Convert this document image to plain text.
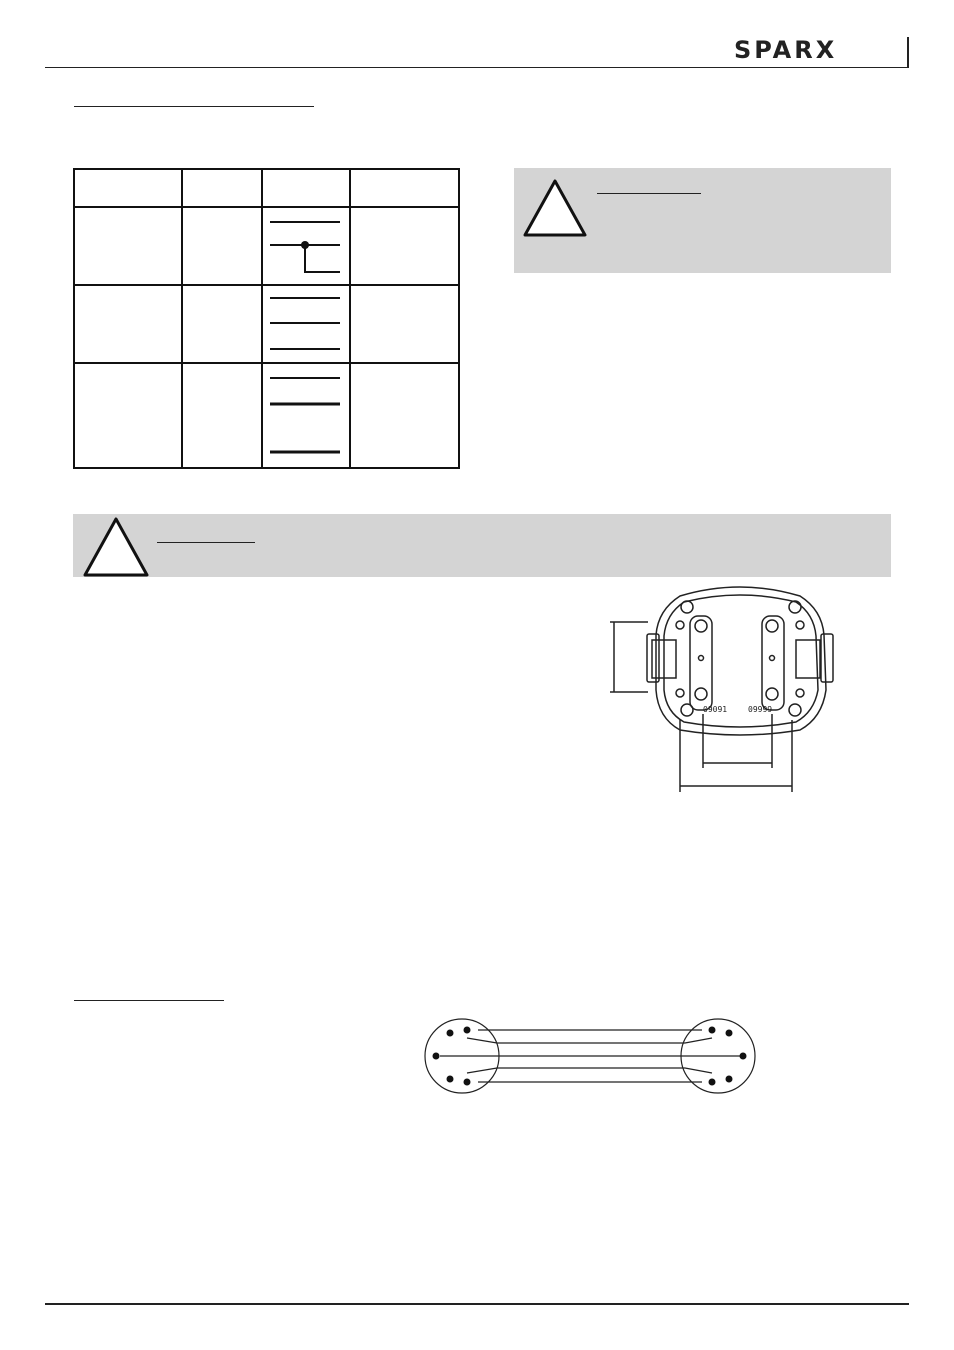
SPARX

09091	09999
